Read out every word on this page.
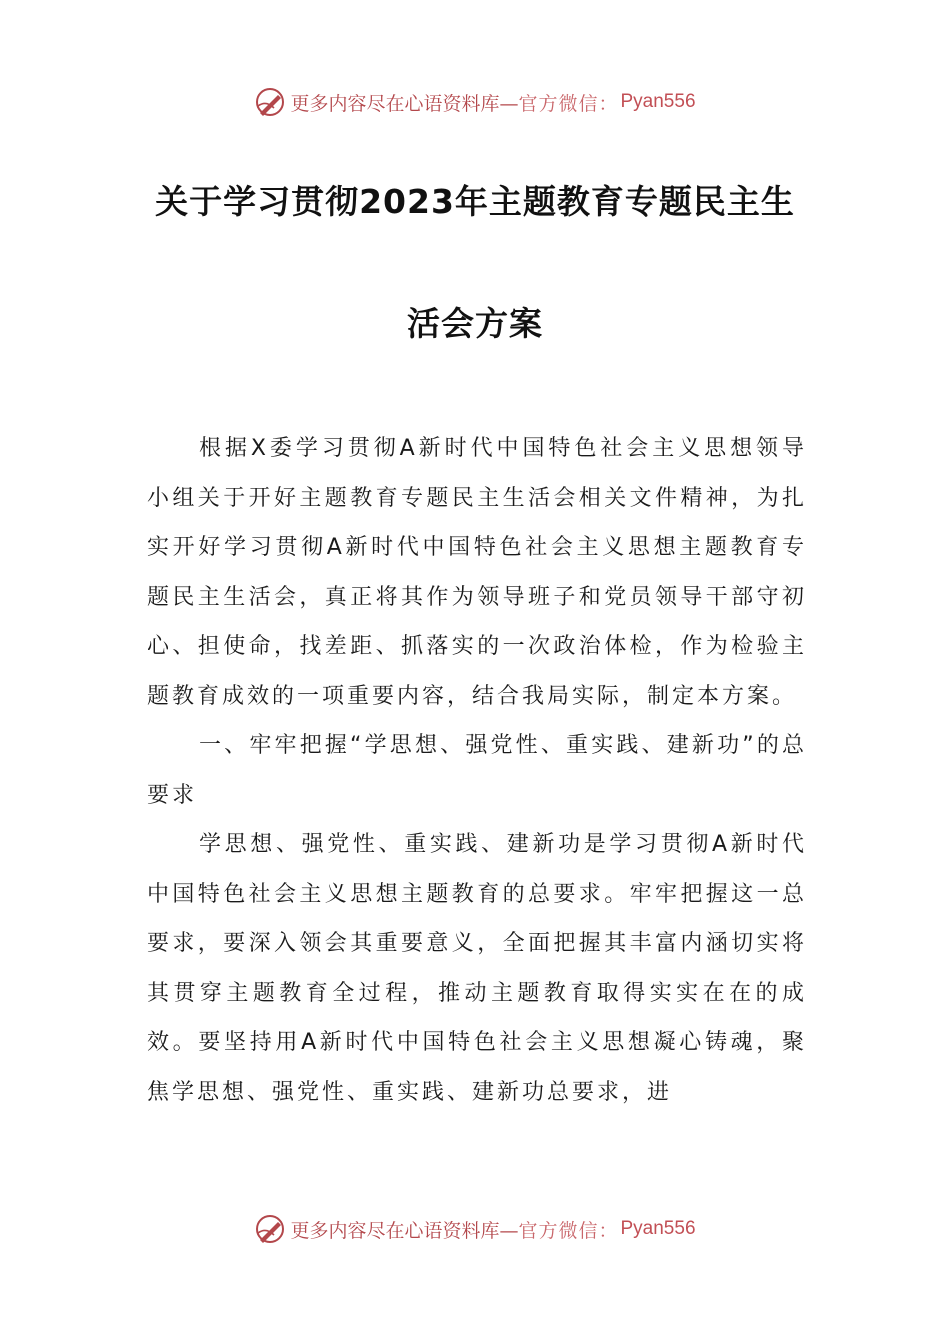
更多内容尽在心语资料库— 官方微信： Pyan556
关于学习贯彻2023年主题教育专题民主生
活会方案

根据X委学习贯彻A新时代中国特色社会主义思想领导小组关于开好主题教育专题民主生活会相关文件精神，为扎实开好学习贯彻A新时代中国特色社会主义思想主题教育专题民主生活会，真正将其作为领导班子和党员领导干部守初心、担使命，找差距、抓落实的一次政治体检，作为检验主题教育成效的一项重要内容，结合我局实际，制定本方案。

一、牢牢把握“学思想、强党性、重实践、建新功”的总要求

学思想、强党性、重实践、建新功是学习贯彻A新时代中国特色社会主义思想主题教育的总要求。牢牢把握这一总要求，要深入领会其重要意义，全面把握其丰富内涵切实将其贯穿主题教育全过程，推动主题教育取得实实在在的成效。要坚持用A新时代中国特色社会主义思想凝心铸魂，聚焦学思想、强党性、重实践、建新功总要求，进

更多内容尽在心语资料库— 官方微信： Pyan556
